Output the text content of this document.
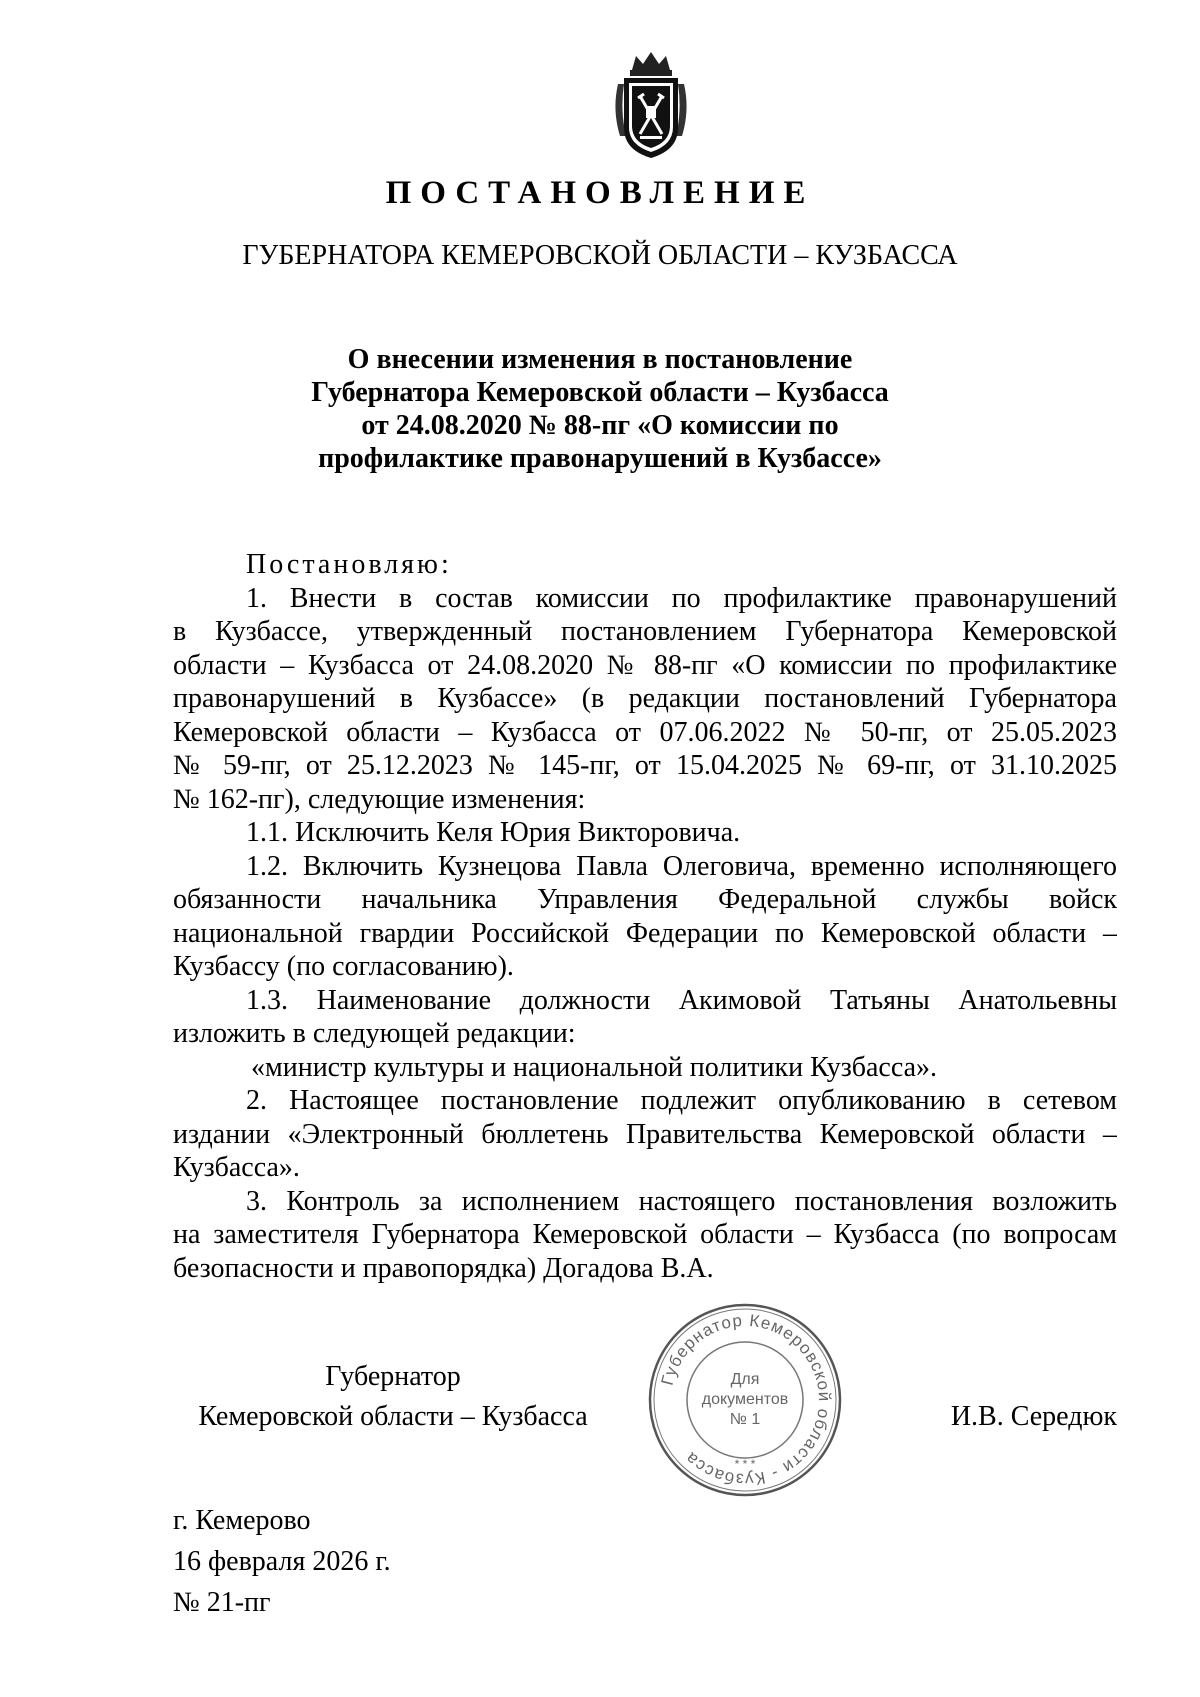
ПОСТАНОВЛЕНИЕ
ГУБЕРНАТОРА КЕМЕРОВСКОЙ ОБЛАСТИ – КУЗБАССА
О внесении изменения в постановление
Губернатора Кемеровской области – Кузбасса
от 24.08.2020 № 88-пг «О комиссии по
профилактике правонарушений в Кузбассе»
Постановляю:
1. Внести в состав комиссии по профилактике правонарушений
в Кузбассе, утвержденный постановлением Губернатора Кемеровской
области – Кузбасса от 24.08.2020 № 88-пг «О комиссии по профилактике
правонарушений в Кузбассе» (в редакции постановлений Губернатора
Кемеровской области – Кузбасса от 07.06.2022 № 50-пг, от 25.05.2023
№ 59-пг, от 25.12.2023 № 145-пг, от 15.04.2025 № 69-пг, от 31.10.2025
№ 162-пг), следующие изменения:
1.1. Исключить Келя Юрия Викторовича.
1.2. Включить Кузнецова Павла Олеговича, временно исполняющего
обязанности начальника Управления Федеральной службы войск
национальной гвардии Российской Федерации по Кемеровской области –
Кузбассу (по согласованию).
1.3. Наименование должности Акимовой Татьяны Анатольевны
изложить в следующей редакции:
«министр культуры и национальной политики Кузбасса».
2. Настоящее постановление подлежит опубликованию в сетевом
издании «Электронный бюллетень Правительства Кемеровской области –
Кузбасса».
3. Контроль за исполнением настоящего постановления возложить
на заместителя Губернатора Кемеровской области – Кузбасса (по вопросам
безопасности и правопорядка) Догадова В.А.
Губернатор
Кемеровской области – Кузбасса
Губернатор Кемеровской области - Кузбасса
Для
документов
№ 1
* * *
И.В. Середюк
г. Кемерово
16 февраля 2026 г.
№ 21-пг
